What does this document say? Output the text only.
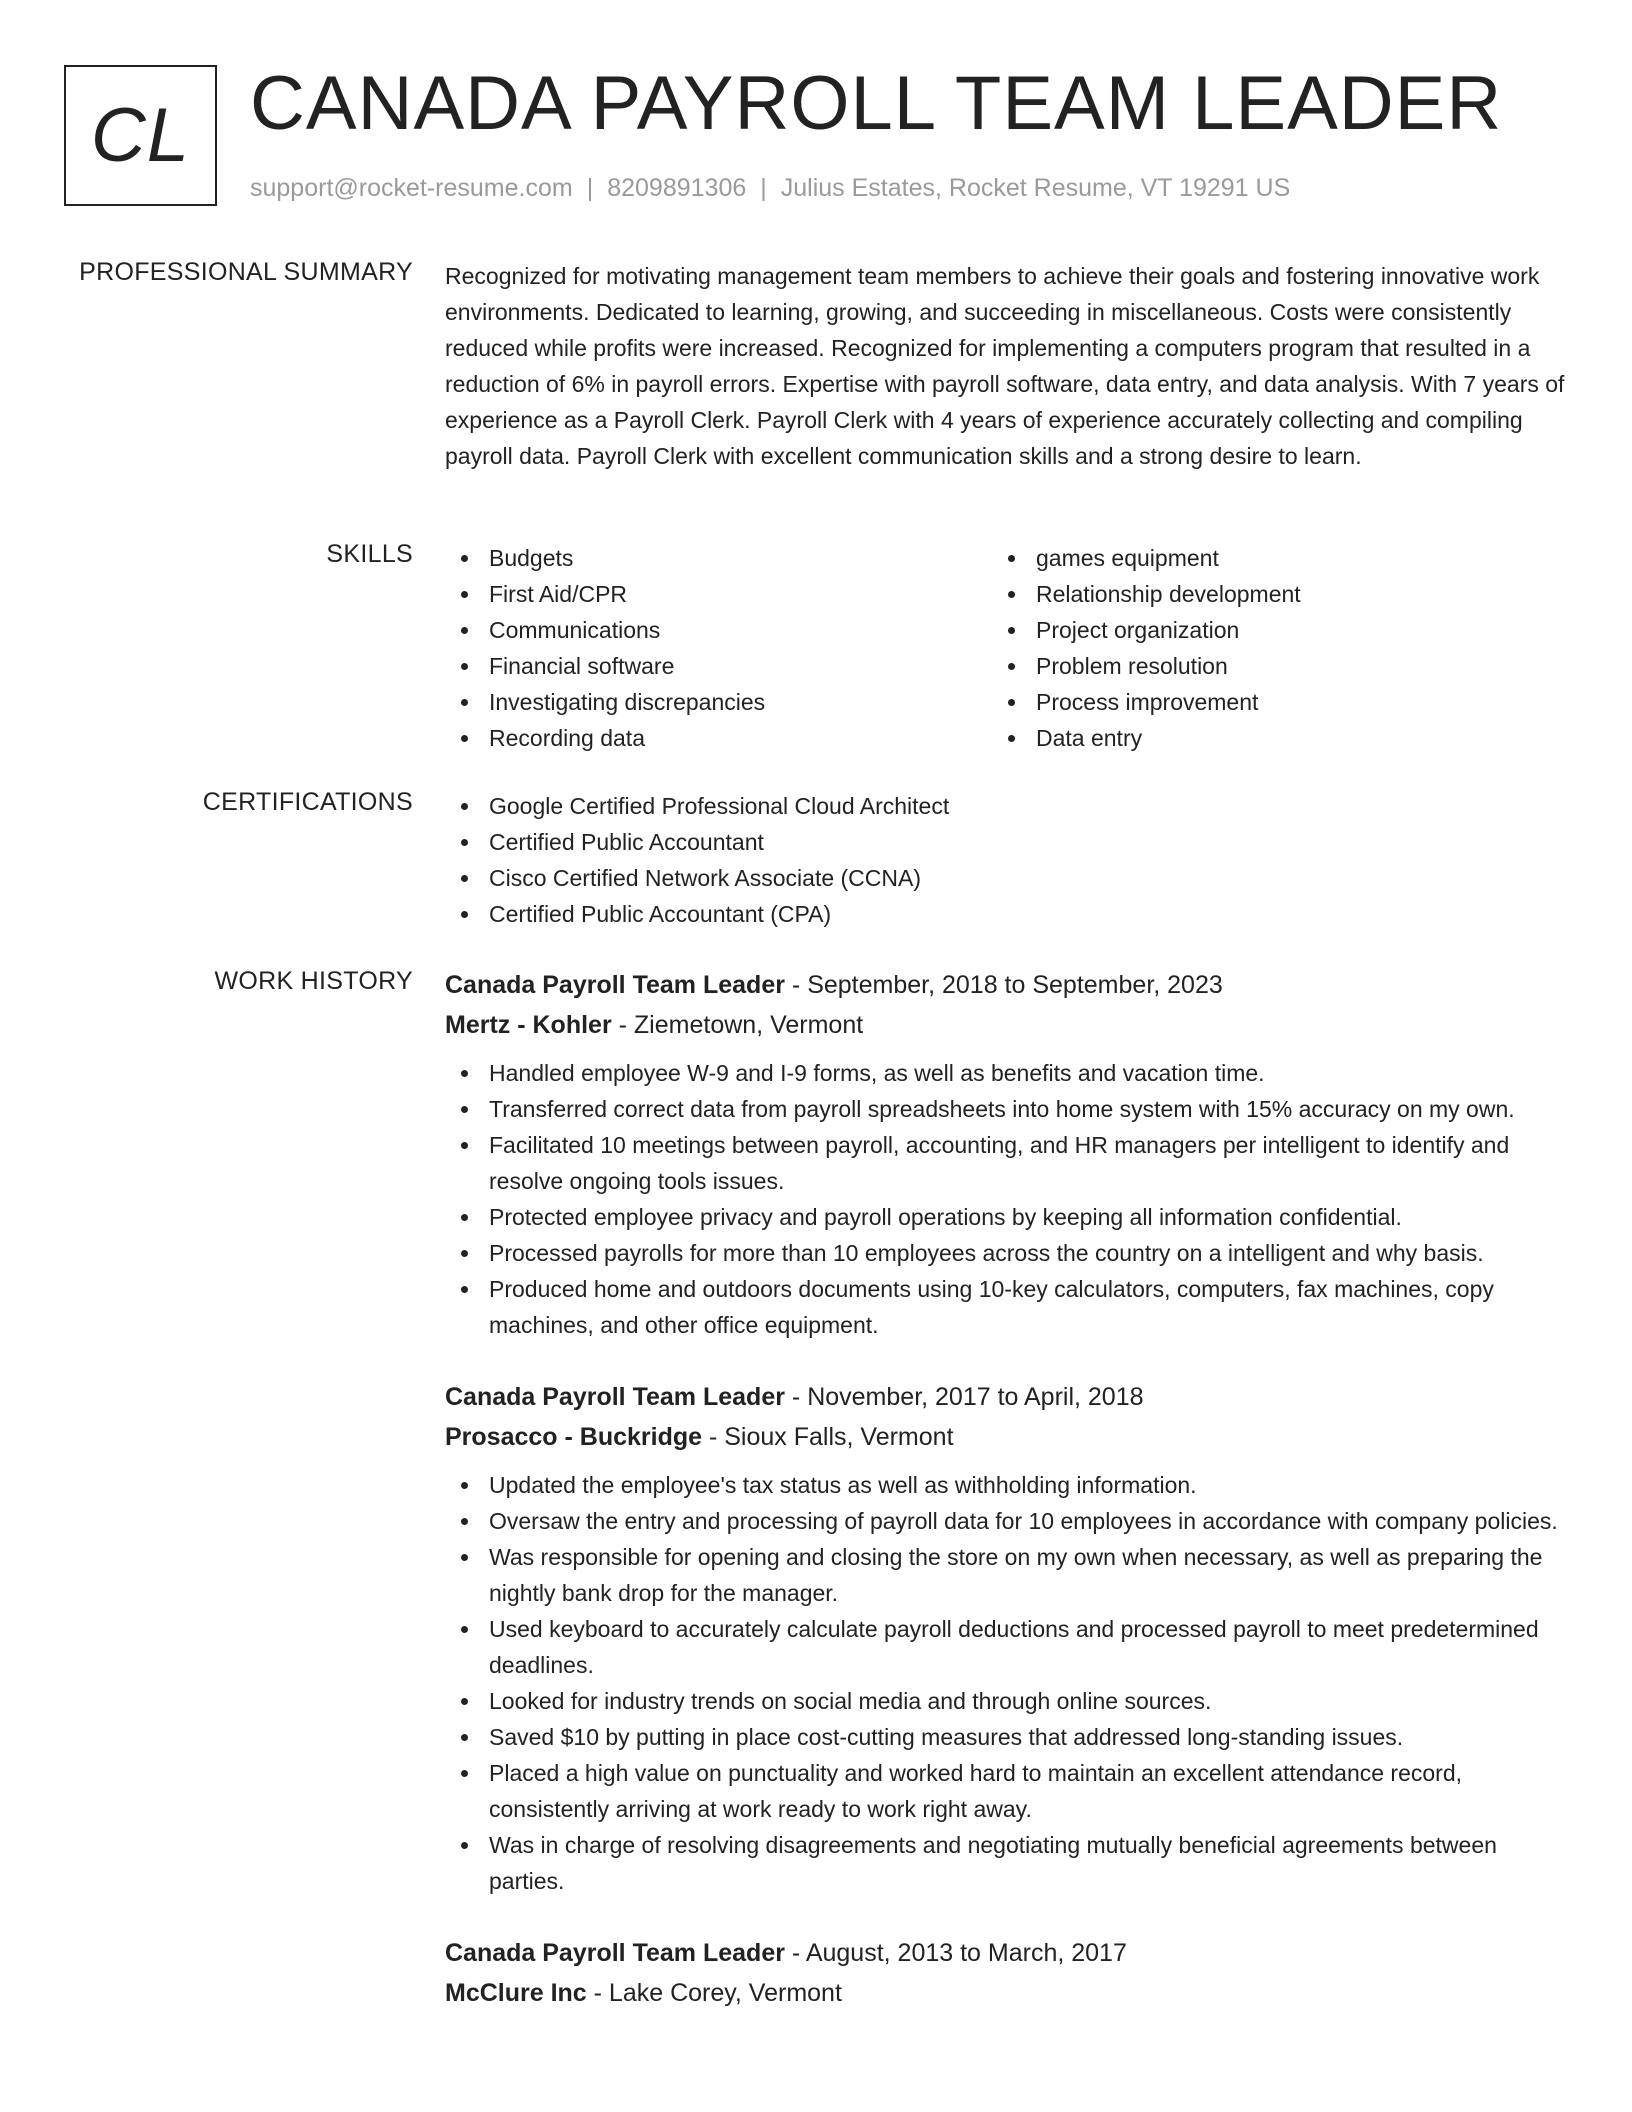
CL CANADA PAYROLL TEAM LEADER
support@rocket-resume.com | 8209891306 | Julius Estates, Rocket Resume, VT 19291 US
PROFESSIONAL SUMMARY Recognized for motivating management team members to achieve their goals and fostering innovative work environments. Dedicated to learning, growing, and succeeding in miscellaneous. Costs were consistently reduced while profits were increased. Recognized for implementing a computers program that resulted in a reduction of 6% in payroll errors. Expertise with payroll software, data entry, and data analysis. With 7 years of experience as a Payroll Clerk. Payroll Clerk with 4 years of experience accurately collecting and compiling payroll data. Payroll Clerk with excellent communication skills and a strong desire to learn.

SKILLS	Budgets
First Aid/CPR
Communications
Financial software
Investigating discrepancies
Recording data
games equipment
Relationship development
Project organization
Problem resolution
Process improvement
Data entry
CERTIFICATIONS	Google Certified Professional Cloud Architect
Certified Public Accountant
Cisco Certified Network Associate (CCNA)
Certified Public Accountant (CPA)
WORK HISTORY Canada Payroll Team Leader - September, 2018 to September, 2023
Mertz - Kohler - Ziemetown, Vermont
Handled employee W-9 and I-9 forms, as well as benefits and vacation time.
Transferred correct data from payroll spreadsheets into home system with 15% accuracy on my own.
Facilitated 10 meetings between payroll, accounting, and HR managers per intelligent to identify and resolve ongoing tools issues.
Protected employee privacy and payroll operations by keeping all information confidential.
Processed payrolls for more than 10 employees across the country on a intelligent and why basis.
Produced home and outdoors documents using 10-key calculators, computers, fax machines, copy machines, and other office equipment.
Canada Payroll Team Leader - November, 2017 to April, 2018
Prosacco - Buckridge - Sioux Falls, Vermont
Updated the employee's tax status as well as withholding information.
Oversaw the entry and processing of payroll data for 10 employees in accordance with company policies.
Was responsible for opening and closing the store on my own when necessary, as well as preparing the nightly bank drop for the manager.
Used keyboard to accurately calculate payroll deductions and processed payroll to meet predetermined deadlines.
Looked for industry trends on social media and through online sources.
Saved $10 by putting in place cost-cutting measures that addressed long-standing issues.
Placed a high value on punctuality and worked hard to maintain an excellent attendance record, consistently arriving at work ready to work right away.
Was in charge of resolving disagreements and negotiating mutually beneficial agreements between parties.
Canada Payroll Team Leader - August, 2013 to March, 2017
McClure Inc - Lake Corey, Vermont
